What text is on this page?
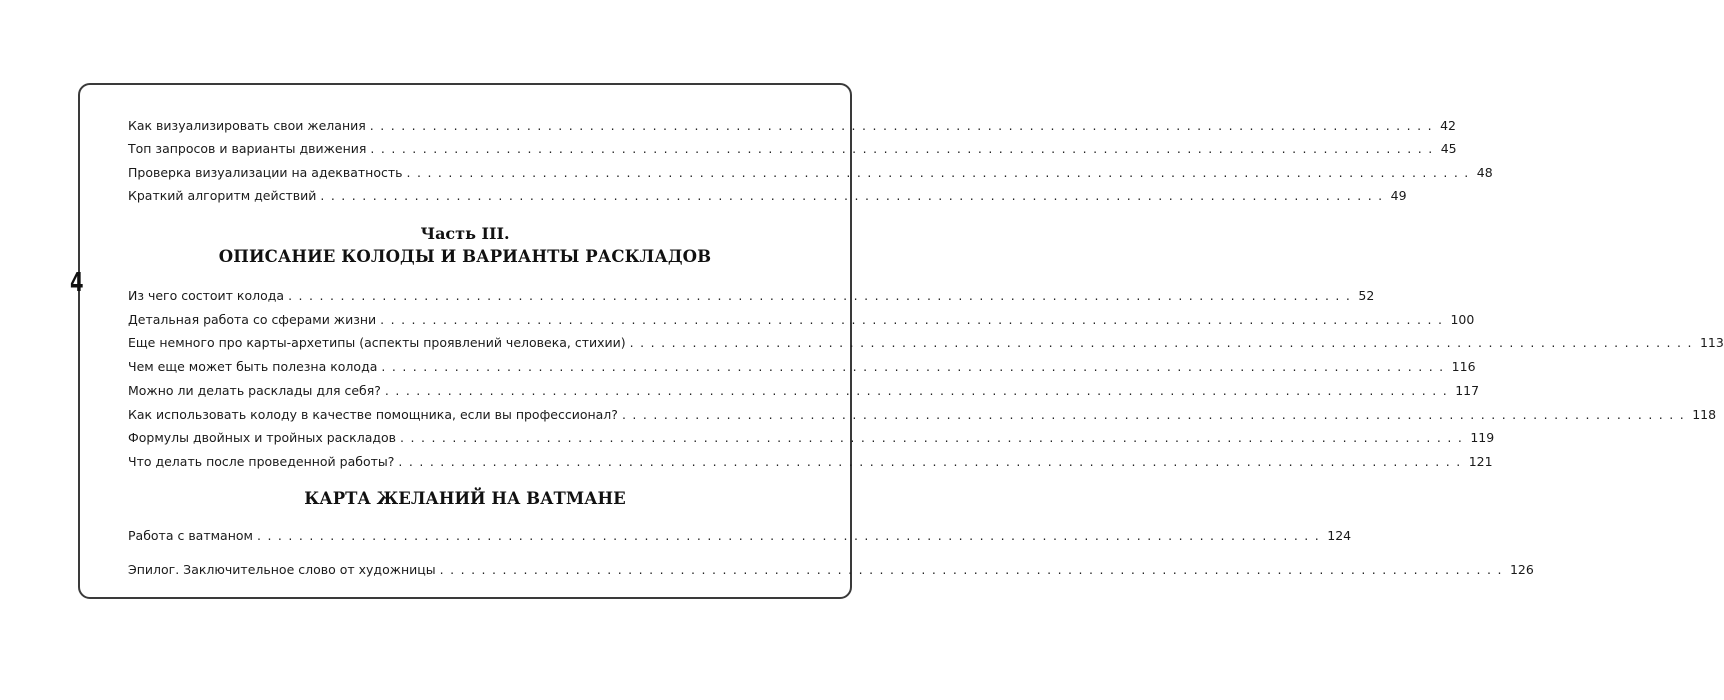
4
Как визуализировать свои желания ...................................................................................................... 42
Топ запросов и варианты движения ...................................................................................................... 45
Проверка визуализации на адекватность ...................................................................................................... 48
Краткий алгоритм действий ...................................................................................................... 49
Часть III.
ОПИСАНИЕ КОЛОДЫ И ВАРИАНТЫ РАСКЛАДОВ
Из чего состоит колода ...................................................................................................... 52
Детальная работа со сферами жизни ...................................................................................................... 100
Еще немного про карты-архетипы (аспекты проявлений человека, стихии) ...................................................................................................... 113
Чем еще может быть полезна колода ...................................................................................................... 116
Можно ли делать расклады для себя? ...................................................................................................... 117
Как использовать колоду в качестве помощника, если вы профессионал? ...................................................................................................... 118
Формулы двойных и тройных раскладов ...................................................................................................... 119
Что делать после проведенной работы? ...................................................................................................... 121
КАРТА ЖЕЛАНИЙ НА ВАТМАНЕ
Работа с ватманом ...................................................................................................... 124
Эпилог. Заключительное слово от художницы ...................................................................................................... 126
